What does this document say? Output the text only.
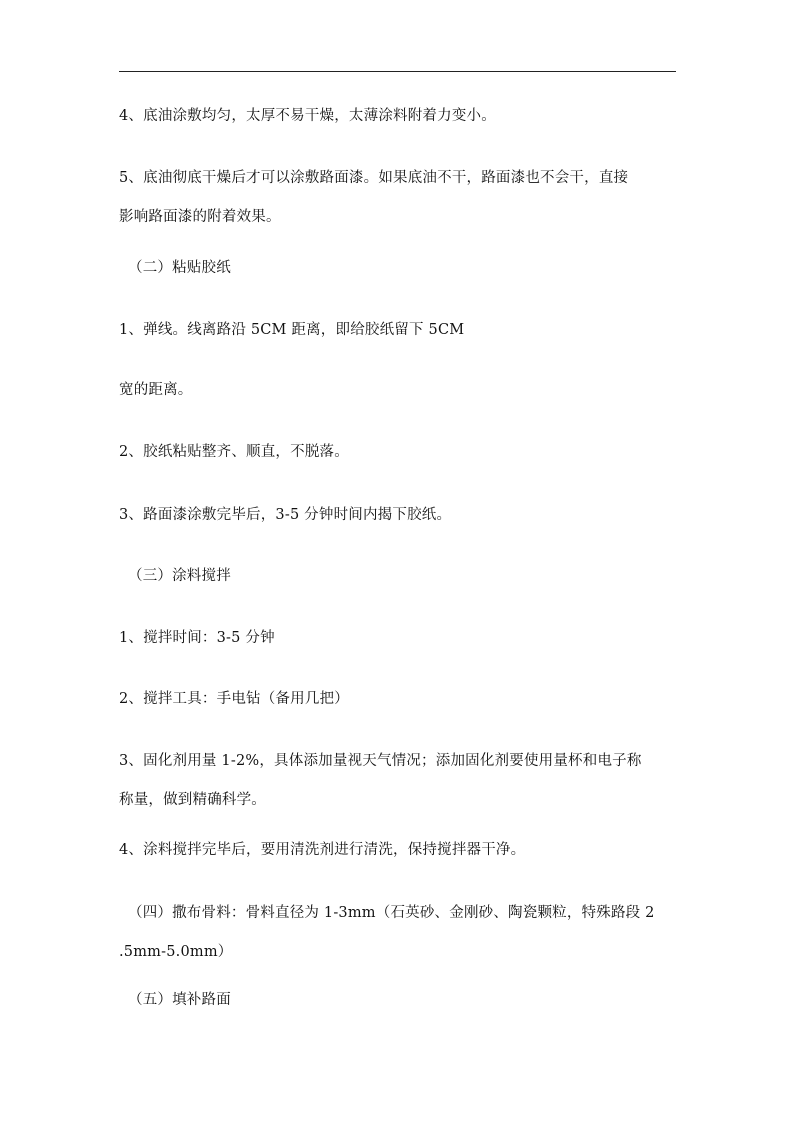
4、底油涂敷均匀，太厚不易干燥，太薄涂料附着力变小。
5、底油彻底干燥后才可以涂敷路面漆。如果底油不干，路面漆也不会干，直接
影响路面漆的附着效果。
（二）粘贴胶纸
1、弹线。线离路沿 5CM 距离，即给胶纸留下 5CM
宽的距离。
2、胶纸粘贴整齐、顺直，不脱落。
3、路面漆涂敷完毕后，3-5 分钟时间内揭下胶纸。
（三）涂料搅拌
1、搅拌时间：3-5 分钟
2、搅拌工具：手电钻（备用几把）
3、固化剂用量 1-2%，具体添加量视天气情况；添加固化剂要使用量杯和电子称
称量，做到精确科学。
4、涂料搅拌完毕后，要用清洗剂进行清洗，保持搅拌器干净。
（四）撒布骨料：骨料直径为 1-3mm（石英砂、金刚砂、陶瓷颗粒，特殊路段 2
.5mm-5.0mm）
（五）填补路面
